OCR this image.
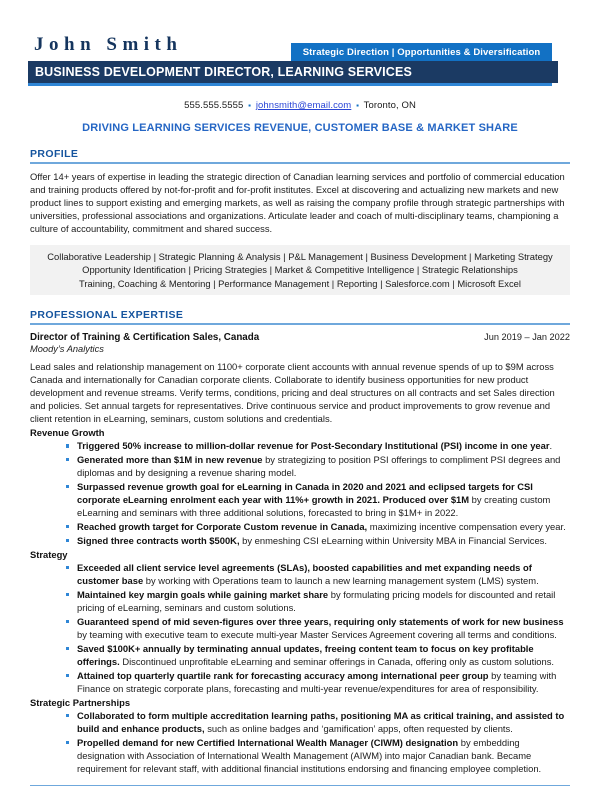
John Smith	Strategic Direction | Opportunities & Diversification
BUSINESS DEVELOPMENT DIRECTOR, LEARNING SERVICES
555.555.5555 ▪ johnsmith@email.com ▪ Toronto, ON
DRIVING LEARNING SERVICES REVENUE, CUSTOMER BASE & MARKET SHARE
PROFILE
Offer 14+ years of expertise in leading the strategic direction of Canadian learning services and portfolio of commercial education and training products offered by not-for-profit and for-profit institutes. Excel at discovering and actualizing new markets and new product lines to support existing and emerging markets, as well as raising the company profile through strategic partnerships with universities, professional associations and organizations. Articulate leader and coach of multi-disciplinary teams, championing a culture of accountability, commitment and shared success.
Collaborative Leadership | Strategic Planning & Analysis | P&L Management | Business Development | Marketing Strategy
Opportunity Identification | Pricing Strategies | Market & Competitive Intelligence | Strategic Relationships
Training, Coaching & Mentoring | Performance Management | Reporting | Salesforce.com | Microsoft Excel
PROFESSIONAL EXPERTISE
Director of Training & Certification Sales, Canada	Jun 2019 – Jan 2022
Moody’s Analytics
Lead sales and relationship management on 1100+ corporate client accounts with annual revenue spends of up to $9M across Canada and internationally for Canadian corporate clients. Collaborate to identify business opportunities for new product development and revenue streams. Verify terms, conditions, pricing and deal structures on all contracts and set Sales direction and policies. Set annual targets for representatives. Drive continuous service and product improvements to grow revenue and client retention in eLearning, seminars, custom solutions and credentials.
Revenue Growth
Triggered 50% increase to million-dollar revenue for Post-Secondary Institutional (PSI) income in one year.
Generated more than $1M in new revenue by strategizing to position PSI offerings to compliment PSI degrees and diplomas and by designing a revenue sharing model.
Surpassed revenue growth goal for eLearning in Canada in 2020 and 2021 and eclipsed targets for CSI corporate eLearning enrolment each year with 11%+ growth in 2021. Produced over $1M by creating custom eLearning and seminars with three additional solutions, forecasted to bring in $1M+ in 2022.
Reached growth target for Corporate Custom revenue in Canada, maximizing incentive compensation every year.
Signed three contracts worth $500K, by enmeshing CSI eLearning within University MBA in Financial Services.
Strategy
Exceeded all client service level agreements (SLAs), boosted capabilities and met expanding needs of customer base by working with Operations team to launch a new learning management system (LMS) system.
Maintained key margin goals while gaining market share by formulating pricing models for discounted and retail pricing of eLearning, seminars and custom solutions.
Guaranteed spend of mid seven-figures over three years, requiring only statements of work for new business by teaming with executive team to execute multi-year Master Services Agreement covering all terms and conditions.
Saved $100K+ annually by terminating annual updates, freeing content team to focus on key profitable offerings. Discontinued unprofitable eLearning and seminar offerings in Canada, offering only as custom solutions.
Attained top quarterly quartile rank for forecasting accuracy among international peer group by teaming with Finance on strategic corporate plans, forecasting and multi-year revenue/expenditures for area of responsibility.
Strategic Partnerships
Collaborated to form multiple accreditation learning paths, positioning MA as critical training, and assisted to build and enhance products, such as online badges and ‘gamification’ apps, often requested by clients.
Propelled demand for new Certified International Wealth Manager (CIWM) designation by embedding designation with Association of International Wealth Management (AIWM) into major Canadian bank. Became requirement for relevant staff, with additional financial institutions endorsing and financing employee completion.
